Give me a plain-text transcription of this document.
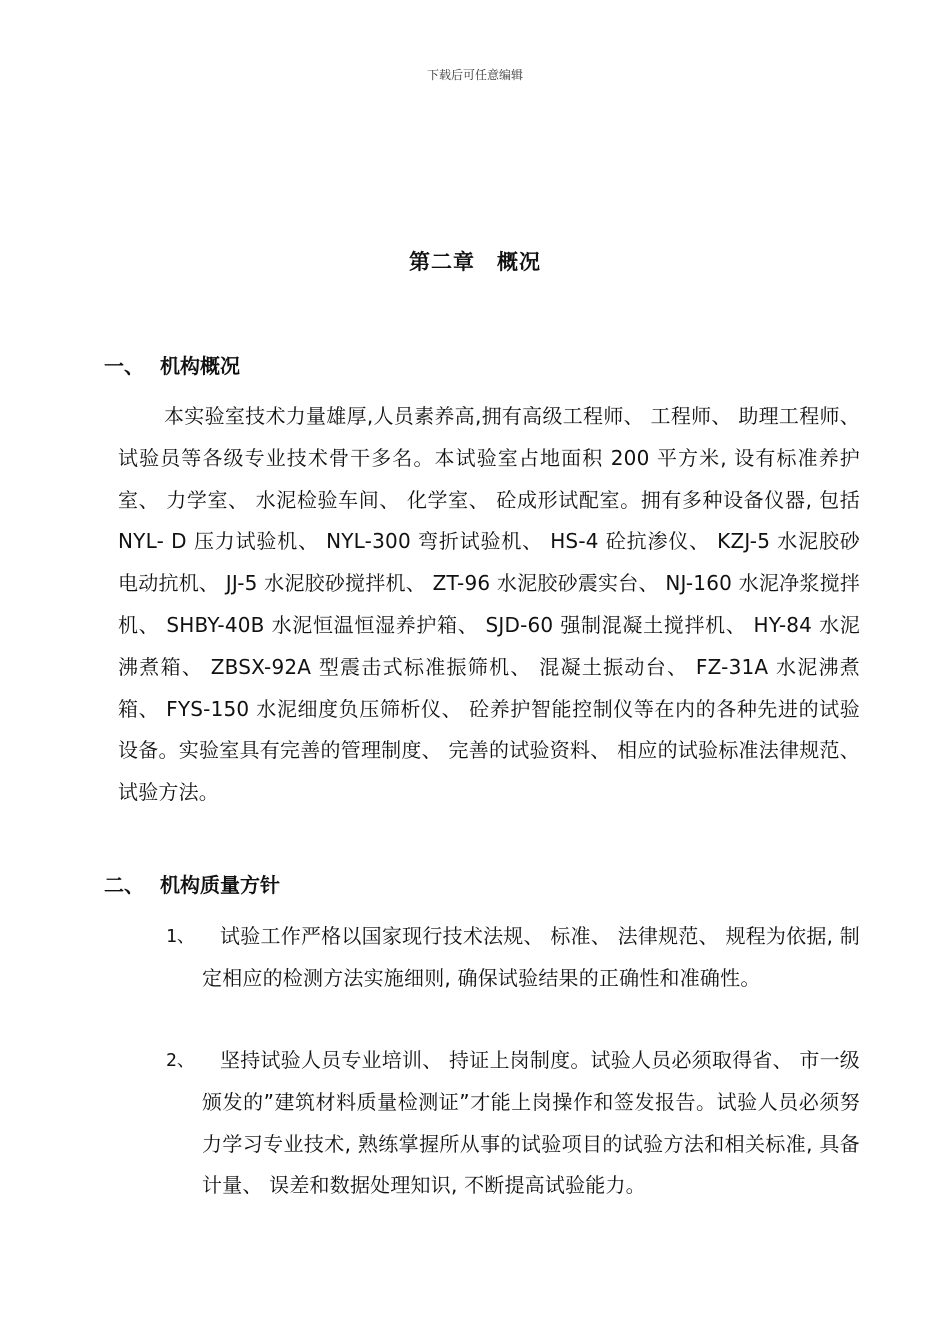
下载后可任意编辑
第二章 概况
一、 机构概况
本实验室技术力量雄厚,人员素养高,拥有高级工程师、 工程师、 助理工程师、 试验员等各级专业技术骨干多名。本试验室占地面积 200 平方米, 设有标准养护室、 力学室、 水泥检验车间、 化学室、 砼成形试配室。拥有多种设备仪器, 包括 NYL- D 压力试验机、 NYL-300 弯折试验机、 HS-4 砼抗渗仪、 KZJ-5 水泥胶砂电动抗机、 JJ-5 水泥胶砂搅拌机、 ZT-96 水泥胶砂震实台、 NJ-160 水泥净浆搅拌机、 SHBY-40B 水泥恒温恒湿养护箱、 SJD-60 强制混凝土搅拌机、 HY-84 水泥沸煮箱、 ZBSX-92A 型震击式标准振筛机、 混凝土振动台、 FZ-31A 水泥沸煮箱、 FYS-150 水泥细度负压筛析仪、 砼养护智能控制仪等在内的各种先进的试验设备。实验室具有完善的管理制度、 完善的试验资料、 相应的试验标准法律规范、 试验方法。
二、 机构质量方针
1、	试验工作严格以国家现行技术法规、 标准、 法律规范、 规程为依据, 制定相应的检测方法实施细则, 确保试验结果的正确性和准确性。
2、	坚持试验人员专业培训、 持证上岗制度。试验人员必须取得省、 市一级颁发的”建筑材料质量检测证”才能上岗操作和签发报告。试验人员必须努力学习专业技术, 熟练掌握所从事的试验项目的试验方法和相关标准, 具备计量、 误差和数据处理知识, 不断提高试验能力。
